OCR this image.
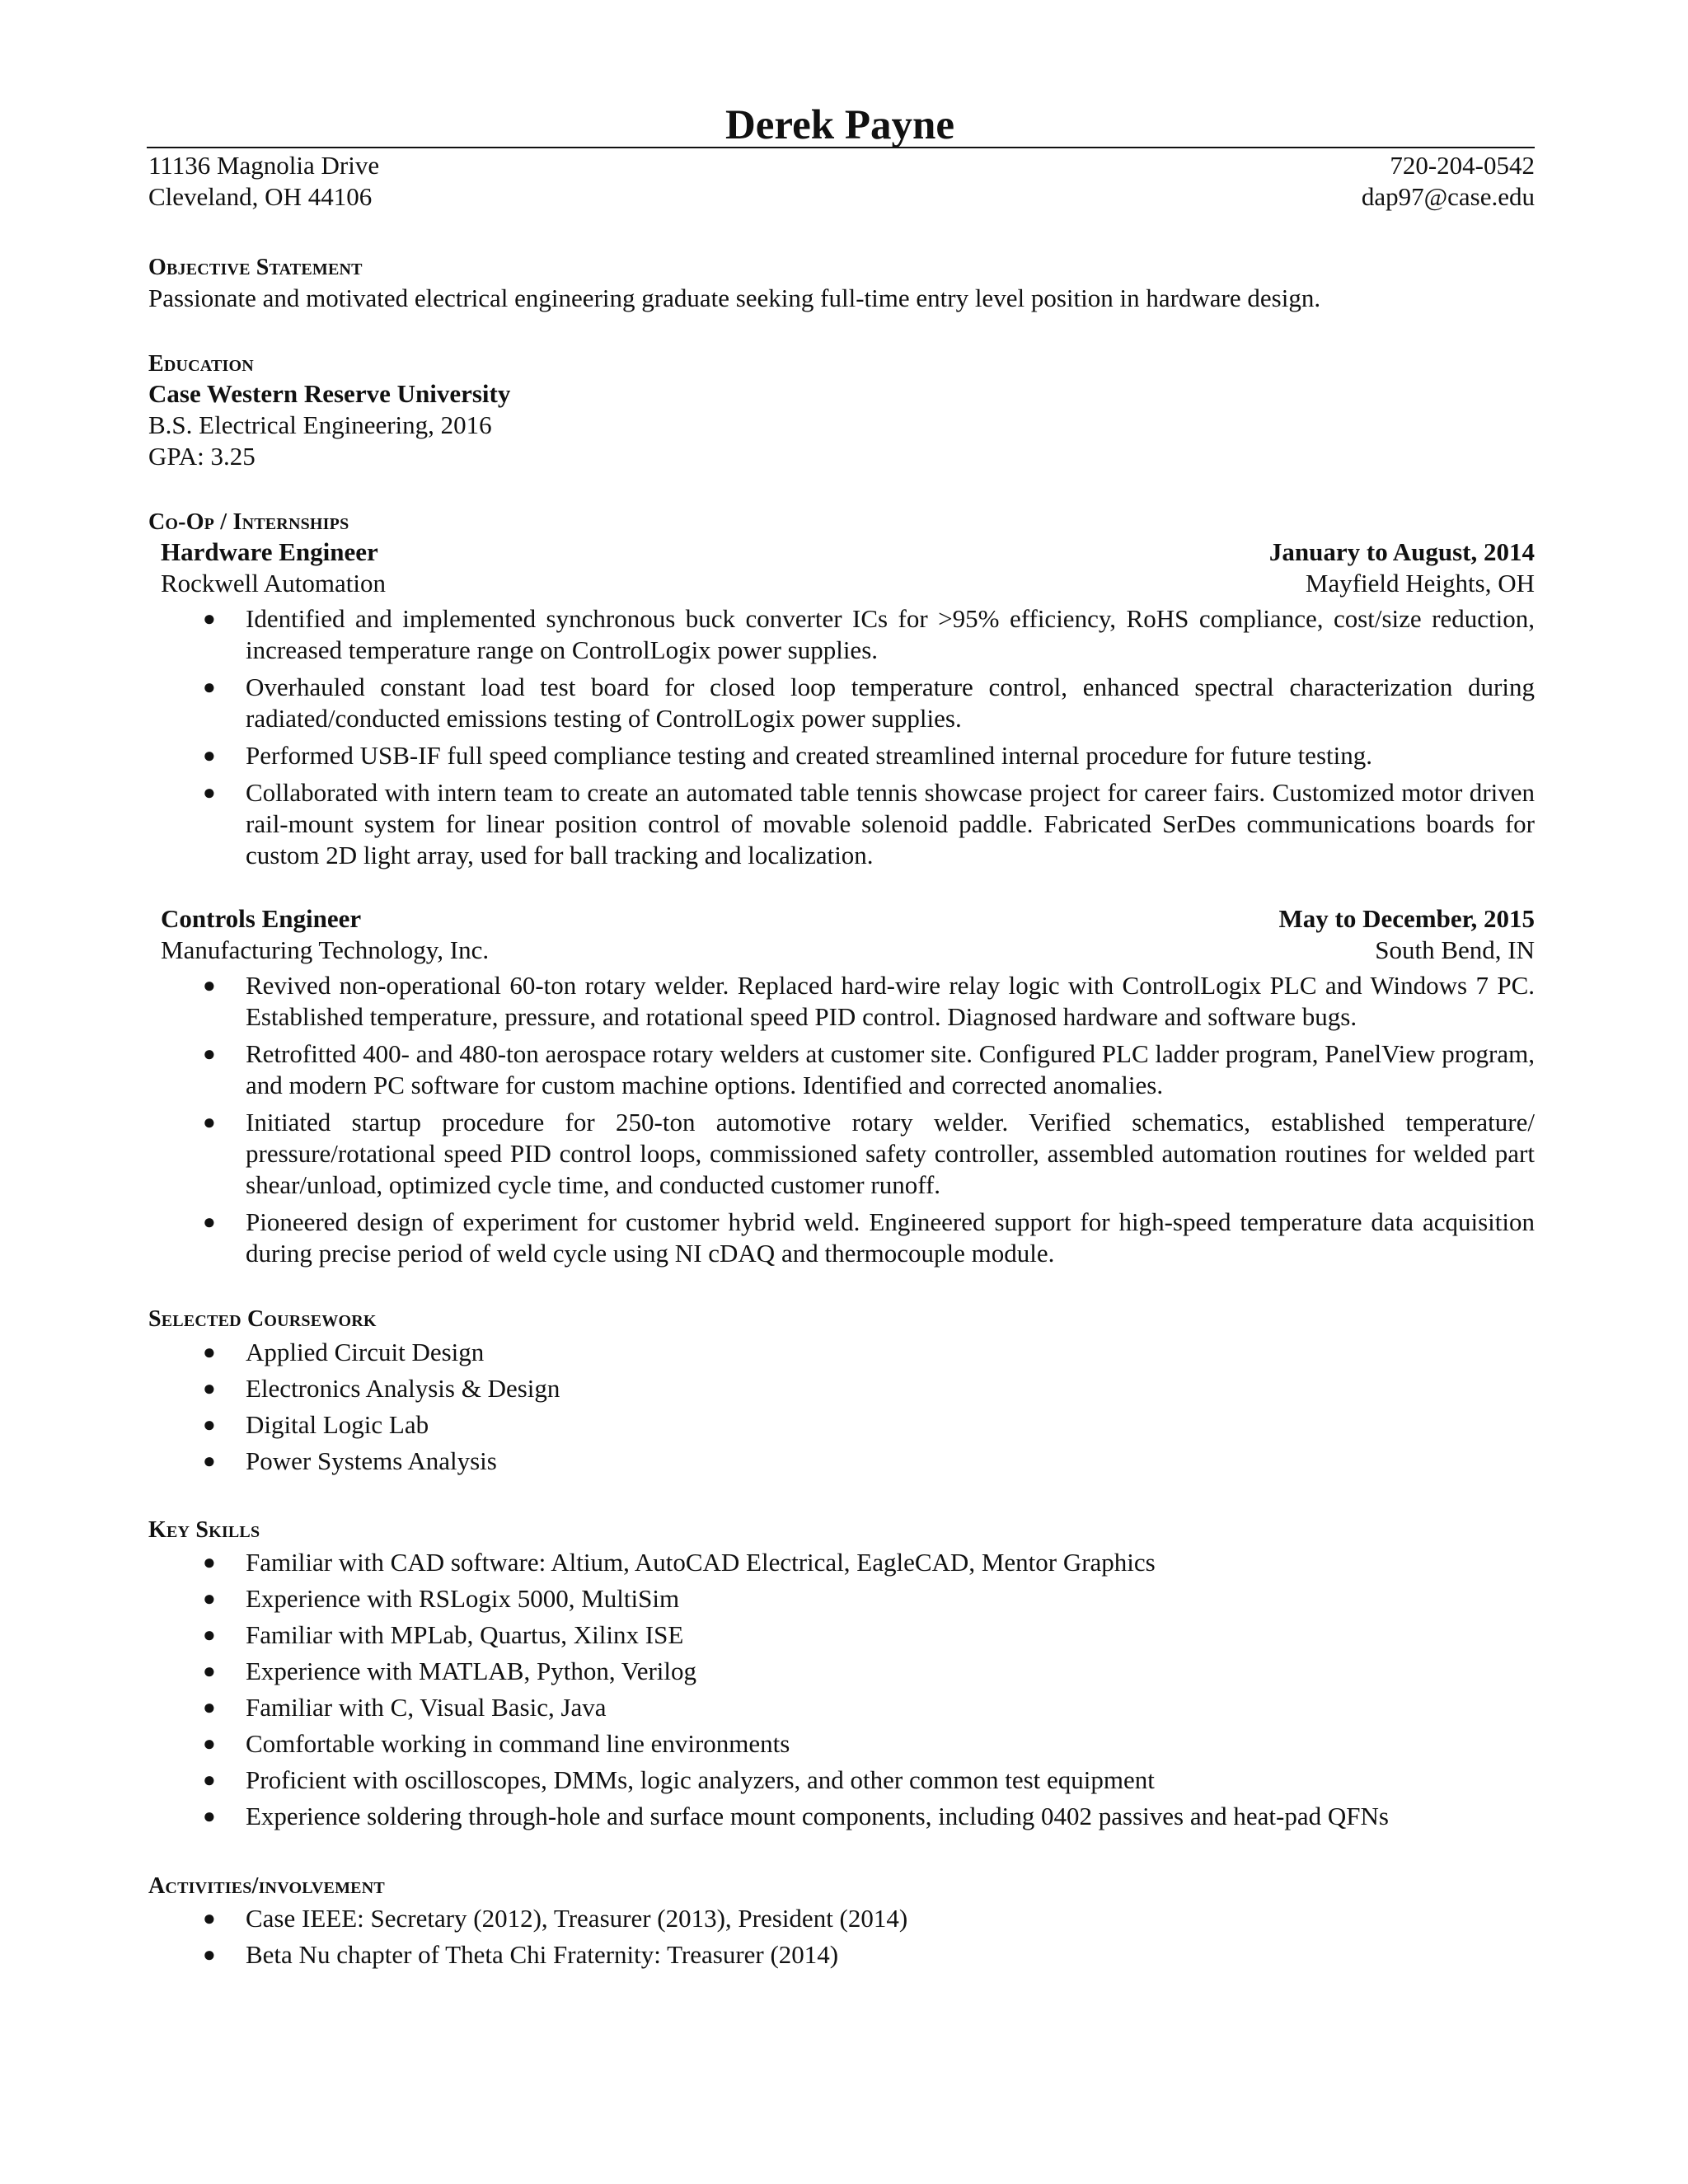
Derek Payne
11136 Magnolia Drive
Cleveland, OH 44106
720-204-0542
dap97@case.edu
Objective Statement
Passionate and motivated electrical engineering graduate seeking full-time entry level position in hardware design.
Education
Case Western Reserve University
B.S. Electrical Engineering, 2016
GPA: 3.25
Co-Op / Internships
Hardware Engineer	January to August, 2014
Rockwell Automation	Mayfield Heights, OH
● Identified and implemented synchronous buck converter ICs for >95% efficiency, RoHS compliance, cost/size reduction, increased temperature range on ControlLogix power supplies.
● Overhauled constant load test board for closed loop temperature control, enhanced spectral characterization during radiated/conducted emissions testing of ControlLogix power supplies.
● Performed USB-IF full speed compliance testing and created streamlined internal procedure for future testing.
● Collaborated with intern team to create an automated table tennis showcase project for career fairs. Customized motor driven rail-mount system for linear position control of movable solenoid paddle. Fabricated SerDes communications boards for custom 2D light array, used for ball tracking and localization.
Controls Engineer	May to December, 2015
Manufacturing Technology, Inc.	South Bend, IN
● Revived non-operational 60-ton rotary welder. Replaced hard-wire relay logic with ControlLogix PLC and Windows 7 PC. Established temperature, pressure, and rotational speed PID control. Diagnosed hardware and software bugs.
● Retrofitted 400- and 480-ton aerospace rotary welders at customer site. Configured PLC ladder program, PanelView program, and modern PC software for custom machine options. Identified and corrected anomalies.
● Initiated startup procedure for 250-ton automotive rotary welder. Verified schematics, established temperature/ pressure/rotational speed PID control loops, commissioned safety controller, assembled automation routines for welded part shear/unload, optimized cycle time, and conducted customer runoff.
● Pioneered design of experiment for customer hybrid weld. Engineered support for high-speed temperature data acquisition during precise period of weld cycle using NI cDAQ and thermocouple module.
Selected Coursework
● Applied Circuit Design
● Electronics Analysis & Design
● Digital Logic Lab
● Power Systems Analysis
Key Skills
● Familiar with CAD software: Altium, AutoCAD Electrical, EagleCAD, Mentor Graphics
● Experience with RSLogix 5000, MultiSim
● Familiar with MPLab, Quartus, Xilinx ISE
● Experience with MATLAB, Python, Verilog
● Familiar with C, Visual Basic, Java
● Comfortable working in command line environments
● Proficient with oscilloscopes, DMMs, logic analyzers, and other common test equipment
● Experience soldering through-hole and surface mount components, including 0402 passives and heat-pad QFNs
Activities/involvement
● Case IEEE: Secretary (2012), Treasurer (2013), President (2014)
● Beta Nu chapter of Theta Chi Fraternity: Treasurer (2014)
